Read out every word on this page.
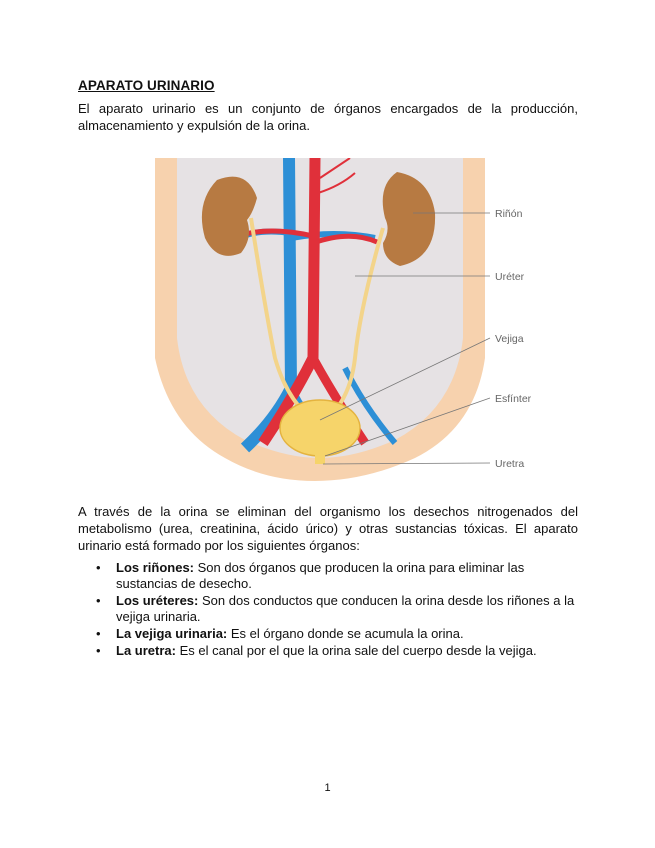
APARATO URINARIO
El aparato urinario es un conjunto de órganos encargados de la producción, almacenamiento y expulsión de la orina.
Riñón
Uréter
Vejiga
Esfínter
Uretra
A través de la orina se eliminan del organismo los desechos nitrogenados del metabolismo (urea, creatinina, ácido úrico) y otras sustancias tóxicas. El aparato urinario está formado por los siguientes órganos:
• Los riñones: Son dos órganos que producen la orina para eliminar las sustancias de desecho.
• Los uréteres: Son dos conductos que conducen la orina desde los riñones a la vejiga urinaria.
• La vejiga urinaria: Es el órgano donde se acumula la orina.
• La uretra: Es el canal por el que la orina sale del cuerpo desde la vejiga.
1
